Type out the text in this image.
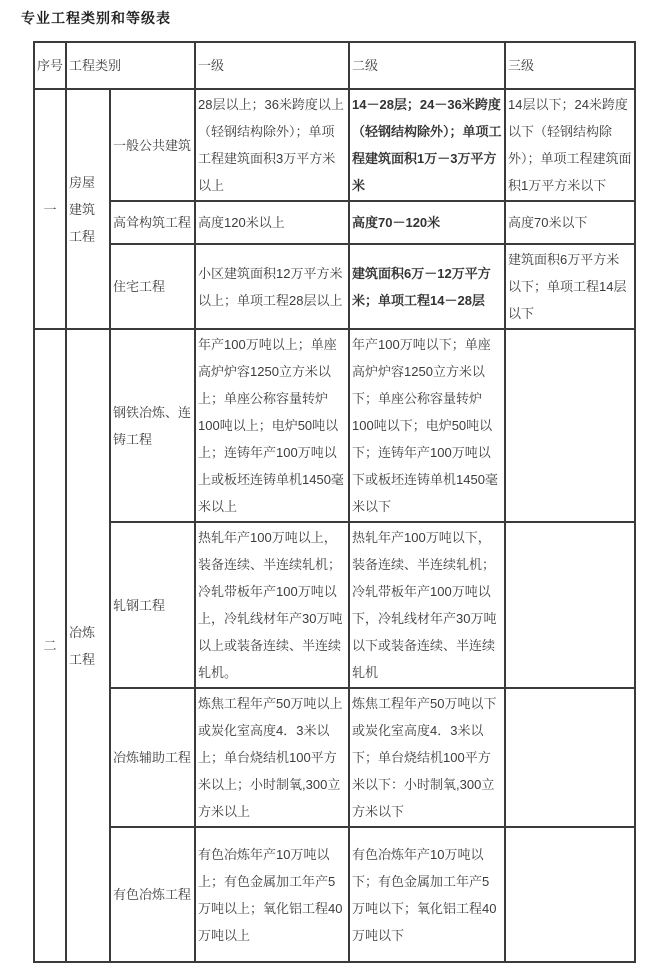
专业工程类别和等级表
序号	工程类别		一级	二级	三级
一	房屋建筑工程	一般公共建筑	28层以上；36米跨度以上（轻钢结构除外）；单项工程建筑面积3万平方米以上	14－28层；24－36米跨度（轻钢结构除外）；单项工程建筑面积1万－3万平方米	14层以下；24米跨度以下（轻钢结构除外）；单项工程建筑面积1万平方米以下
		高耸构筑工程	高度120米以上	高度70－120米	高度70米以下
		住宅工程	小区建筑面积12万平方米以上；单项工程28层以上	建筑面积6万－12万平方米；单项工程14－28层	建筑面积6万平方米以下；单项工程14层以下
二	冶炼工程	钢铁冶炼、连铸工程	年产100万吨以上；单座高炉炉容1250立方米以上；单座公称容量转炉100吨以上；电炉50吨以上；连铸年产100万吨以上或板坯连铸单机1450毫米以上	年产100万吨以下；单座高炉炉容1250立方米以下；单座公称容量转炉100吨以下；电炉50吨以下；连铸年产100万吨以下或板坯连铸单机1450毫米以下	
		轧钢工程	热轧年产100万吨以上，装备连续、半连续轧机；冷轧带板年产100万吨以上，冷轧线材年产30万吨以上或装备连续、半连续轧机。	热轧年产100万吨以下，装备连续、半连续轧机；冷轧带板年产100万吨以下，冷轧线材年产30万吨以下或装备连续、半连续轧机	
		冶炼辅助工程	炼焦工程年产50万吨以上或炭化室高度4．3米以上；单台烧结机100平方米以上；小时制氧,300立方米以上	炼焦工程年产50万吨以下或炭化室高度4．3米以下；单台烧结机100平方米以下：小时制氧,300立方米以下	
		有色冶炼工程	有色冶炼年产10万吨以上；有色金属加工年产5万吨以上；氧化铝工程40万吨以上	有色冶炼年产10万吨以下；有色金属加工年产5万吨以下；氧化铝工程40万吨以下	
